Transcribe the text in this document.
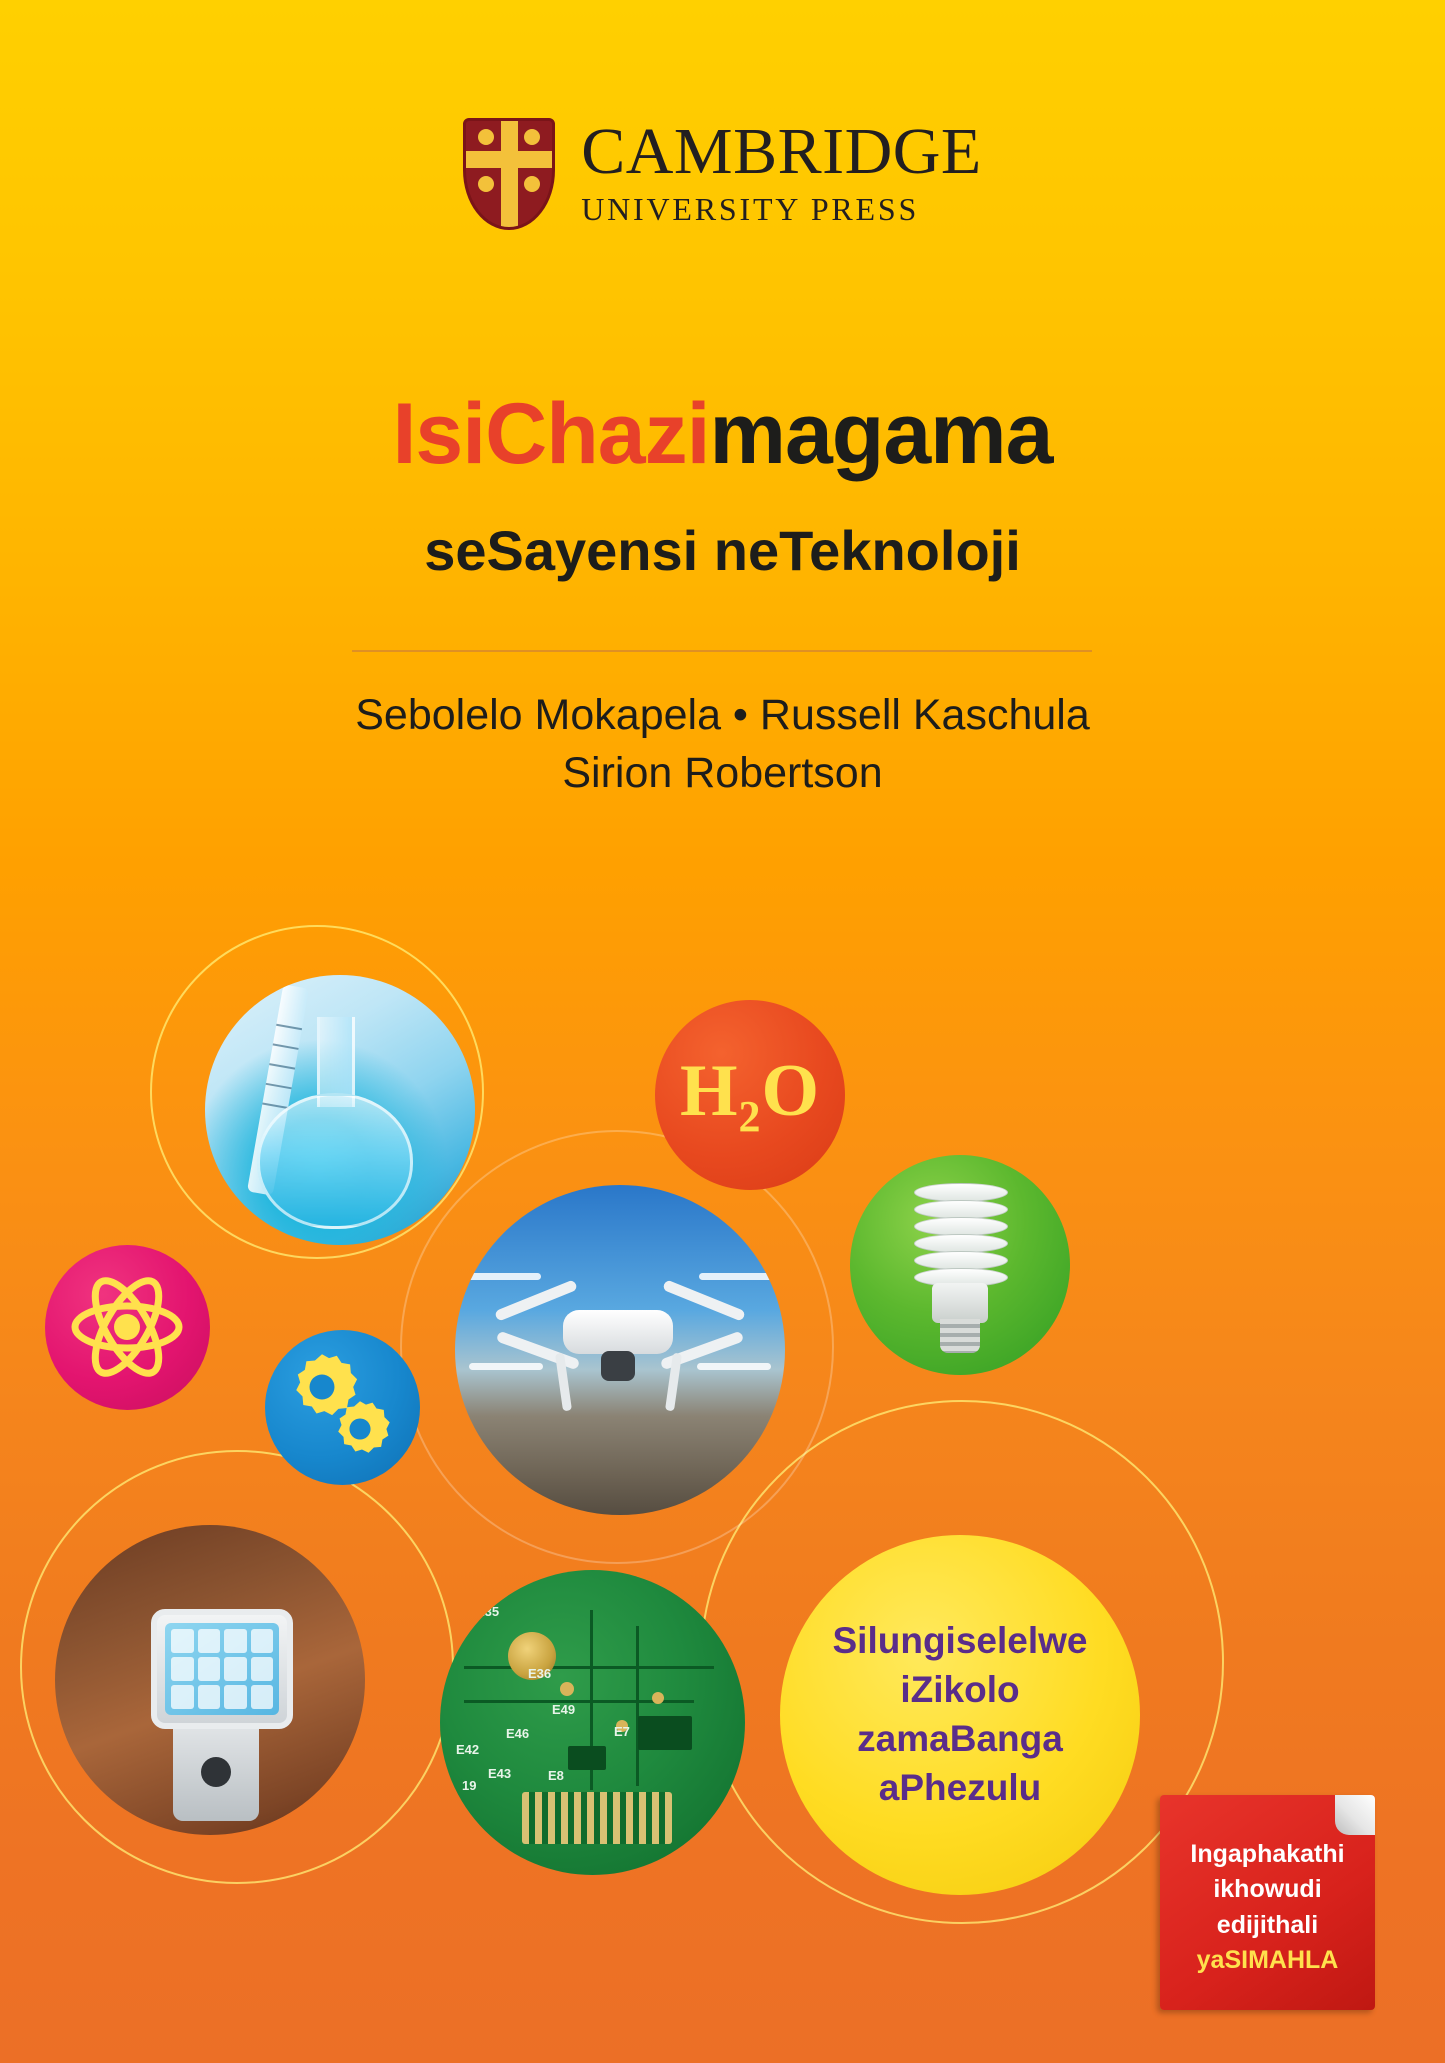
CAMBRIDGE
UNIVERSITY PRESS
IsiChazimagama
seSayensi neTeknoloji
Sebolelo Mokapela • Russell Kaschula
Sirion Robertson
$H_2O$
E35
E36
E49
E46
E42
E7
E43	E8
19
Silungiselelwe
iZikolo
zamaBanga
aPhezulu
Ingaphakathi
ikhowudi
edijithali
yaSIMAHLA
